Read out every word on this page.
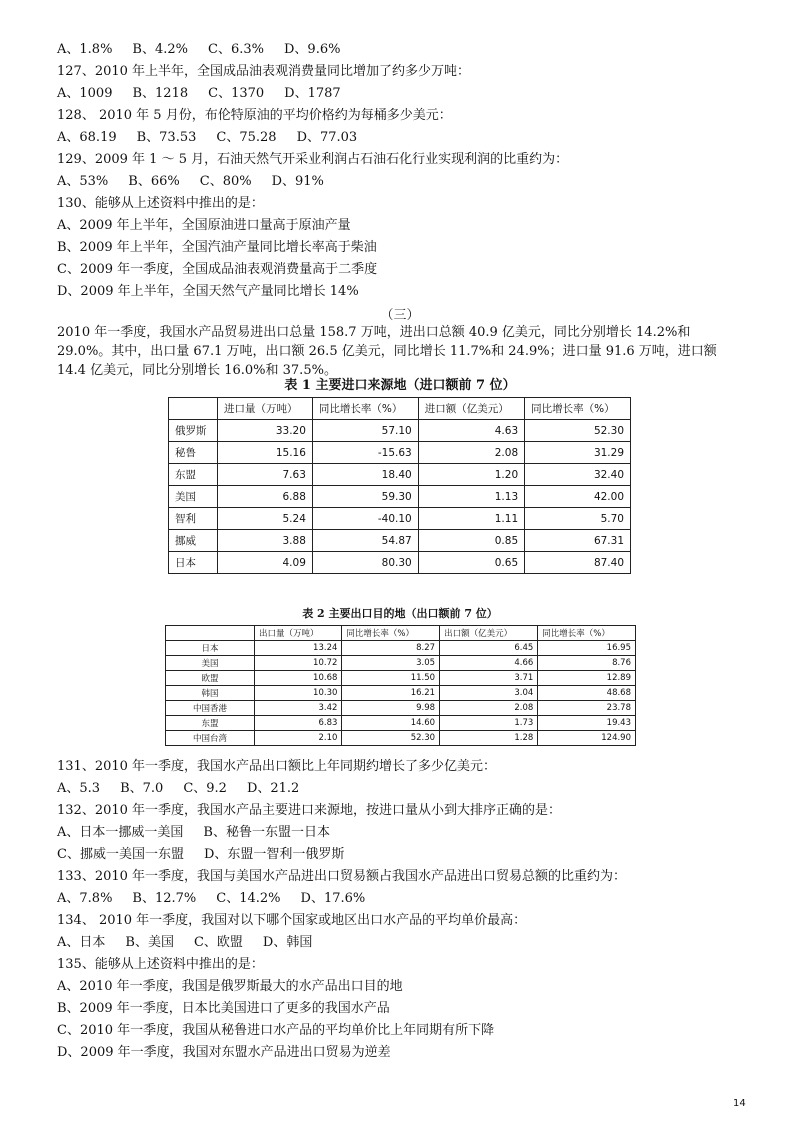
A、1.8% B、4.2% C、6.3% D、9.6%
127、2010 年上半年，全国成品油表观消费量同比增加了约多少万吨：
A、1009 B、1218 C、1370 D、1787
128、 2010 年 5 月份，布伦特原油的平均价格约为每桶多少美元：
A、68.19 B、73.53 C、75.28 D、77.03
129、2009 年 1 ～ 5 月，石油天然气开采业利润占石油石化行业实现利润的比重约为：
A、53% B、66% C、80% D、91%
130、能够从上述资料中推出的是：
A、2009 年上半年，全国原油进口量高于原油产量
B、2009 年上半年，全国汽油产量同比增长率高于柴油
C、2009 年一季度，全国成品油表观消费量高于二季度
D、2009 年上半年，全国天然气产量同比增长 14%
（三）
2010 年一季度，我国水产品贸易进出口总量 158.7 万吨，进出口总额 40.9 亿美元，同比分别增长 14.2%和 29.0%。其中，出口量 67.1 万吨，出口额 26.5 亿美元，同比增长 11.7%和 24.9%；进口量 91.6 万吨，进口额 14.4 亿美元，同比分别增长 16.0%和 37.5%。
表 1 主要进口来源地（进口额前 7 位）
	进口量（万吨）	同比增长率（%）	进口额（亿美元）	同比增长率（%）
俄罗斯	33.20	57.10	4.63	52.30
秘鲁	15.16	-15.63	2.08	31.29
东盟	7.63	18.40	1.20	32.40
美国	6.88	59.30	1.13	42.00
智利	5.24	-40.10	1.11	5.70
挪威	3.88	54.87	0.85	67.31
日本	4.09	80.30	0.65	87.40
表 2 主要出口目的地（出口额前 7 位）
	出口量（万吨）	同比增长率（%）	出口额（亿美元）	同比增长率（%）
日本	13.24	8.27	6.45	16.95
美国	10.72	3.05	4.66	8.76
欧盟	10.68	11.50	3.71	12.89
韩国	10.30	16.21	3.04	48.68
中国香港	3.42	9.98	2.08	23.78
东盟	6.83	14.60	1.73	19.43
中国台湾	2.10	52.30	1.28	124.90
131、2010 年一季度，我国水产品出口额比上年同期约增长了多少亿美元：
A、5.3 B、7.0 C、9.2 D、21.2
132、2010 年一季度，我国水产品主要进口来源地，按进口量从小到大排序正确的是：
A、日本一挪威一美国 B、秘鲁一东盟一日本
C、挪威一美国一东盟 D、东盟一智利一俄罗斯
133、2010 年一季度，我国与美国水产品进出口贸易额占我国水产品进出口贸易总额的比重约为：
A、7.8% B、12.7% C、14.2% D、17.6%
134、 2010 年一季度，我国对以下哪个国家或地区出口水产品的平均单价最高：
A、日本 B、美国 C、欧盟 D、韩国
135、能够从上述资料中推出的是：
A、2010 年一季度，我国是俄罗斯最大的水产品出口目的地
B、2009 年一季度，日本比美国进口了更多的我国水产品
C、2010 年一季度，我国从秘鲁进口水产品的平均单价比上年同期有所下降
D、2009 年一季度，我国对东盟水产品进出口贸易为逆差
14
